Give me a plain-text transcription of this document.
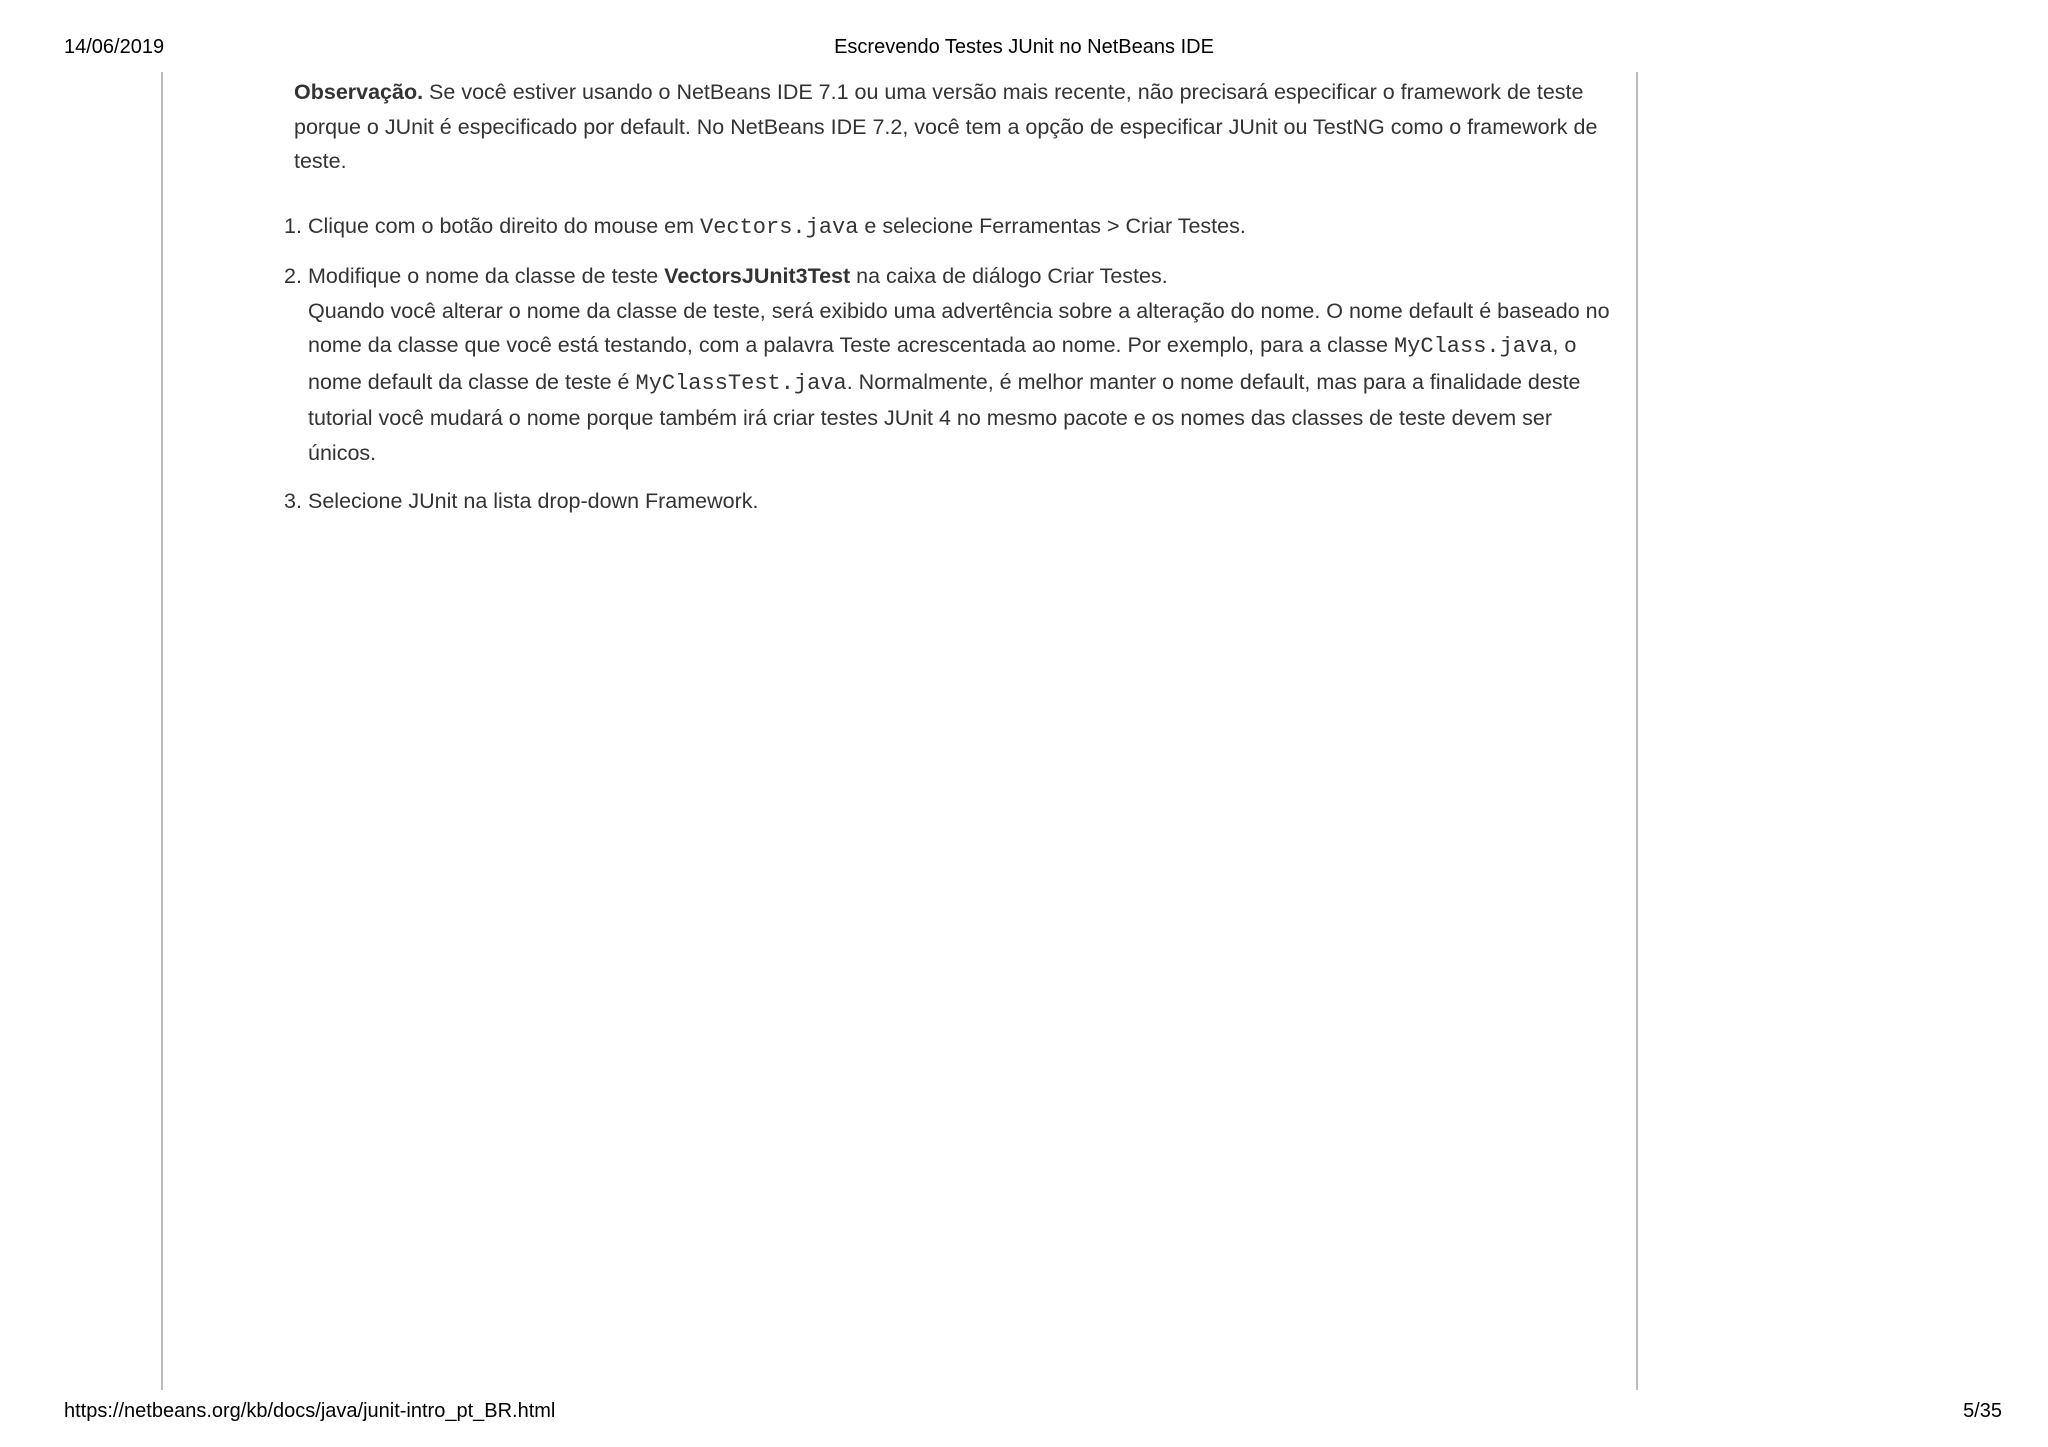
14/06/2019	Escrevendo Testes JUnit no NetBeans IDE

Observação. Se você estiver usando o NetBeans IDE 7.1 ou uma versão mais recente, não precisará especificar o framework de teste porque o JUnit é especificado por default. No NetBeans IDE 7.2, você tem a opção de especificar JUnit ou TestNG como o framework de teste.

1. Clique com o botão direito do mouse em Vectors.java e selecione Ferramentas > Criar Testes.
2. Modifique o nome da classe de teste VectorsJUnit3Test na caixa de diálogo Criar Testes.
Quando você alterar o nome da classe de teste, será exibido uma advertência sobre a alteração do nome. O nome default é baseado no nome da classe que você está testando, com a palavra Teste acrescentada ao nome. Por exemplo, para a classe MyClass.java, o nome default da classe de teste é MyClassTest.java. Normalmente, é melhor manter o nome default, mas para a finalidade deste tutorial você mudará o nome porque também irá criar testes JUnit 4 no mesmo pacote e os nomes das classes de teste devem ser únicos.
3. Selecione JUnit na lista drop-down Framework.
https://netbeans.org/kb/docs/java/junit-intro_pt_BR.html	5/35
